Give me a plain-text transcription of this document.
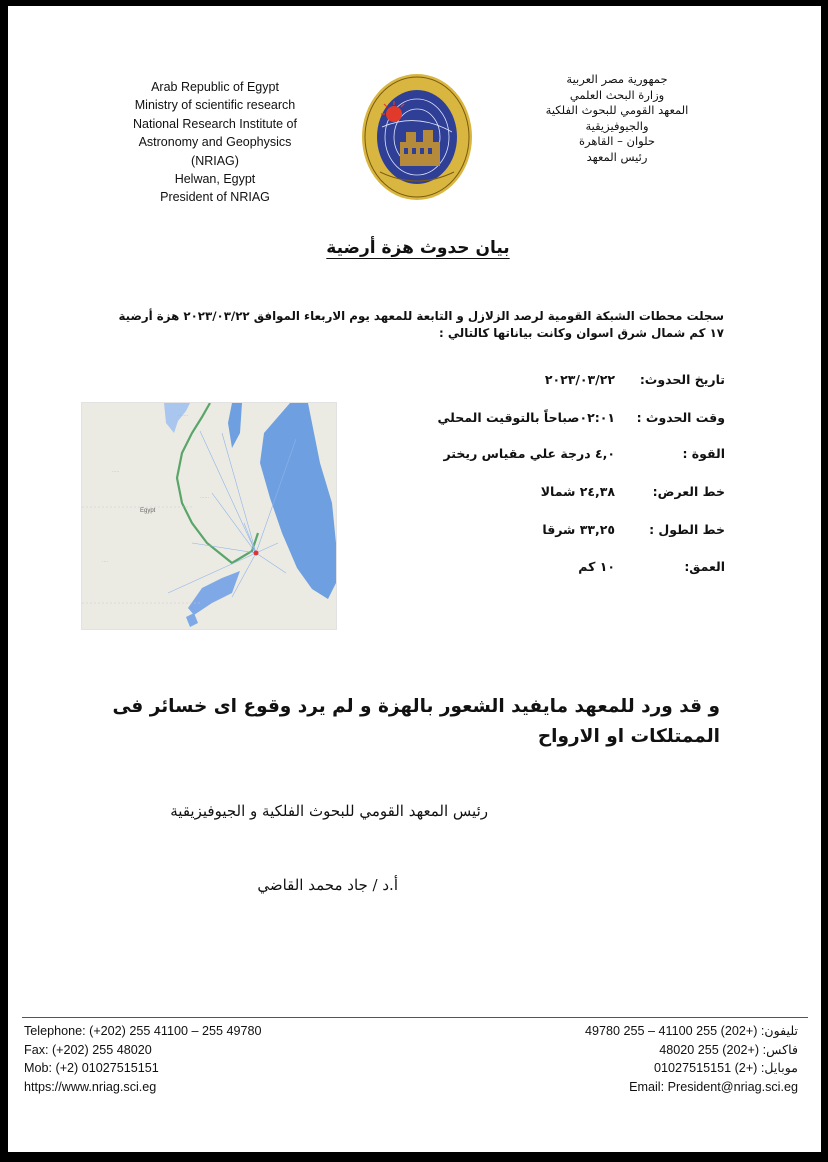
Arab Republic of Egypt
Ministry of scientific research
National Research Institute of
Astronomy and Geophysics
(NRIAG)
Helwan, Egypt
President of NRIAG
جمهورية مصر العربية
وزارة البحث العلمي
المعهد القومي للبحوث الفلكية
والجيوفيزيقية
حلوان – القاهرة
رئيس المعهد
بيان حدوث هزة أرضية
سجلت محطات الشبكة القومية لرصد الزلازل و التابعة للمعهد يوم الاربعاء الموافق ٢٠٢٣/٠٣/٢٢ هزة أرضية ١٧ كم شمال شرق اسوان وكانت بياناتها كالتالي :
تاريخ الحدوث:
٢٠٢٣/٠٣/٢٢
وقت الحدوث :
٠٢:٠١صباحاً بالتوقيت المحلي
القوة :
٤,٠ درجة علي مقياس ريختر
خط العرض:
٢٤,٣٨ شمالا
خط الطول :
٣٣,٢٥ شرقا
العمق:
١٠ كم
·· ····
·····
······
····
Egypt
و قد ورد للمعهد مايفيد الشعور بالهزة و لم يرد وقوع اى خسائر فى الممتلكات او الارواح
رئيس المعهد القومي للبحوث الفلكية و الجيوفيزيقية
أ.د / جاد محمد القاضي
Telephone: (+202) 255 41100 – 255 49780
Fax: (+202) 255 48020
Mob: (+2) 01027515151
https://www.nriag.sci.eg
تليفون: (+202) 255 41100 – 255 49780
فاكس: (+202) 255 48020
موبايل: (+2) 01027515151
Email: President@nriag.sci.eg
